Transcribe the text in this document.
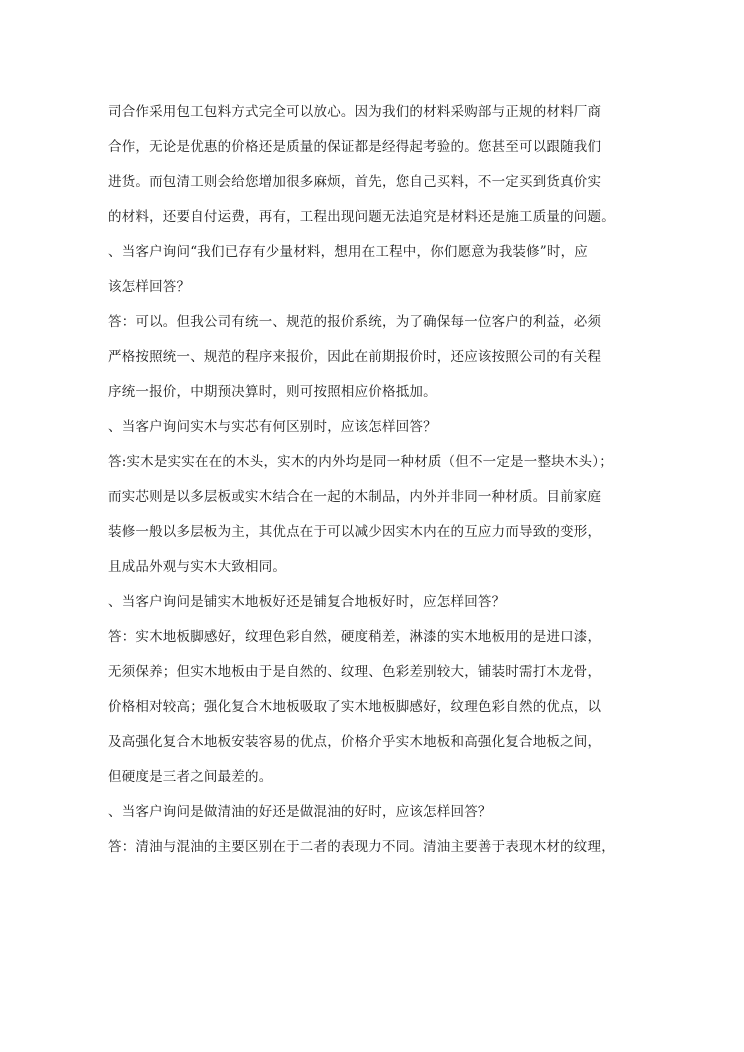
司合作采用包工包料方式完全可以放心。因为我们的材料采购部与正规的材料厂商
合作，无论是优惠的价格还是质量的保证都是经得起考验的。您甚至可以跟随我们
进货。而包清工则会给您增加很多麻烦，首先，您自己买料，不一定买到货真价实
的材料，还要自付运费，再有，工程出现问题无法追究是材料还是施工质量的问题。
、当客户询问“我们已存有少量材料，想用在工程中，你们愿意为我装修”时，应
该怎样回答？
答：可以。但我公司有统一、规范的报价系统，为了确保每一位客户的利益，必须
严格按照统一、规范的程序来报价，因此在前期报价时，还应该按照公司的有关程
序统一报价，中期预决算时，则可按照相应价格抵加。
、当客户询问实木与实芯有何区别时，应该怎样回答？
答:实木是实实在在的木头，实木的内外均是同一种材质（但不一定是一整块木头）；
而实芯则是以多层板或实木结合在一起的木制品，内外并非同一种材质。目前家庭
装修一般以多层板为主，其优点在于可以减少因实木内在的互应力而导致的变形，
且成品外观与实木大致相同。
、当客户询问是铺实木地板好还是铺复合地板好时，应怎样回答？
答：实木地板脚感好，纹理色彩自然，硬度稍差，淋漆的实木地板用的是进口漆，
无须保养；但实木地板由于是自然的、纹理、色彩差别较大，铺装时需打木龙骨，
价格相对较高；强化复合木地板吸取了实木地板脚感好，纹理色彩自然的优点，以
及高强化复合木地板安装容易的优点，价格介乎实木地板和高强化复合地板之间，
但硬度是三者之间最差的。
、当客户询问是做清油的好还是做混油的好时，应该怎样回答？
答：清油与混油的主要区别在于二者的表现力不同。清油主要善于表现木材的纹理，
